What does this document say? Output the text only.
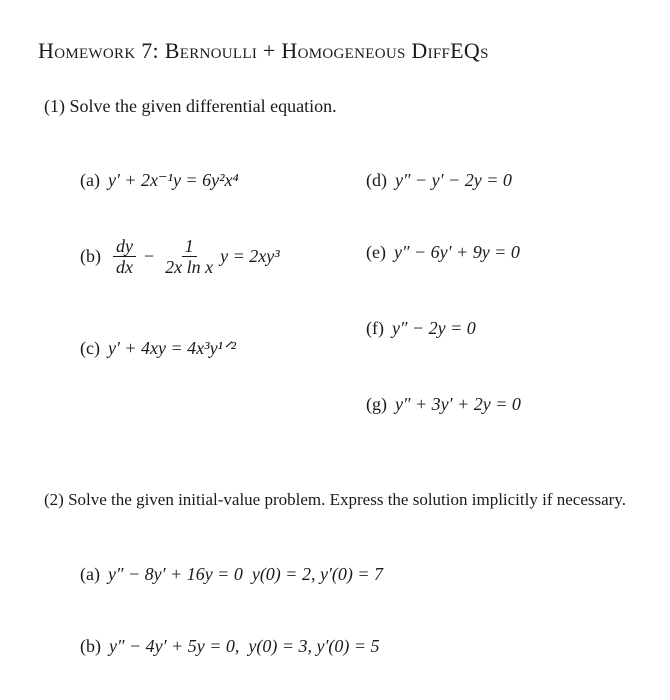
Homework 7: Bernoulli + Homogeneous DiffEQs
(1) Solve the given differential equation.
(a) y′ + 2x⁻¹y = 6y²x⁴
$(b) \frac{dy}{dx} - \frac{1}{\text{2x ln x}}$ y = 2xy³
(c) y′ + 4xy = 4x³y¹ᐟ²
(d) y″ − y′ − 2y = 0
(e) y″ − 6y′ + 9y = 0
(f) y″ − 2y = 0
(g) y″ + 3y′ + 2y = 0
(2) Solve the given initial-value problem. Express the solution implicitly if necessary.
(a) y″ − 8y′ + 16y = 0  y(0) = 2, y′(0) = 7
(b) y″ − 4y′ + 5y = 0,  y(0) = 3, y′(0) = 5
